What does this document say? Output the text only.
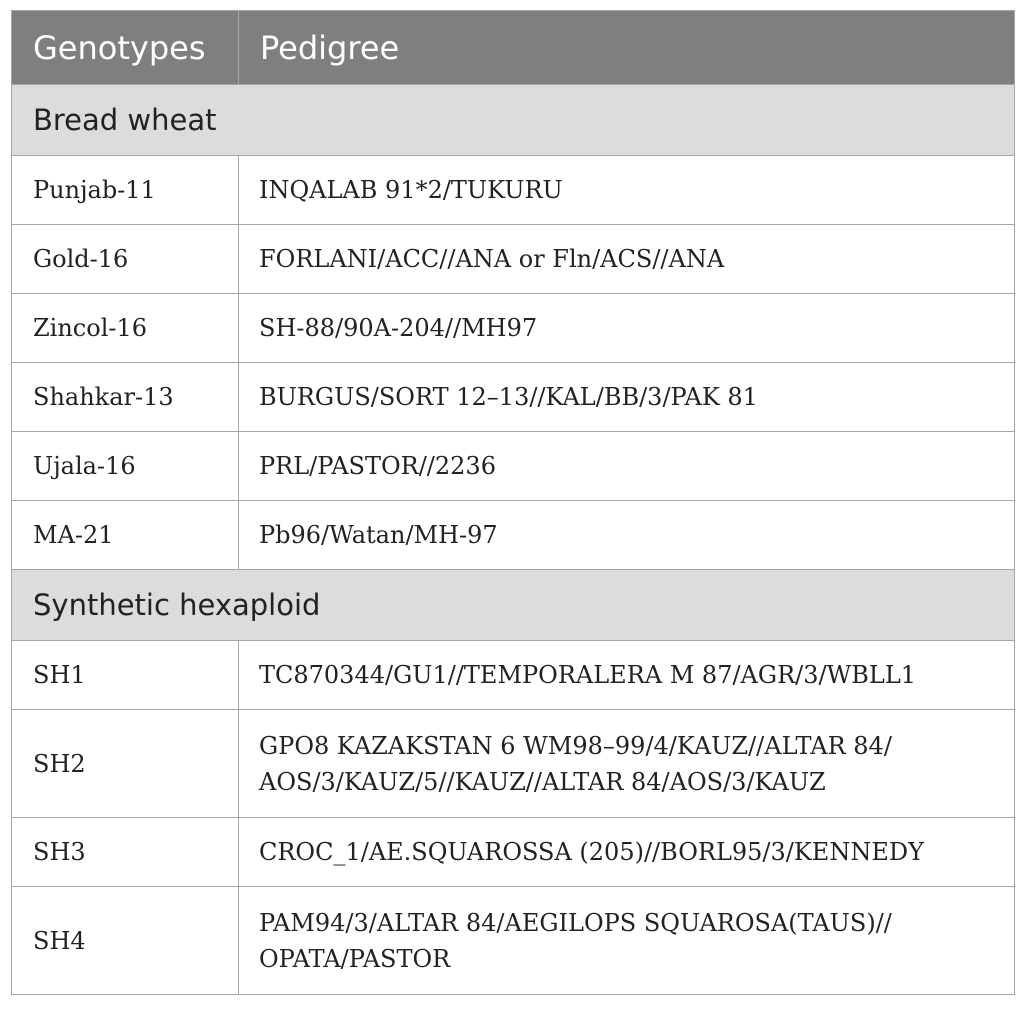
Genotypes	Pedigree
Bread wheat	
Punjab-11	INQALAB 91*2/TUKURU
Gold-16	FORLANI/ACC//ANA or Fln/ACS//ANA
Zincol-16	SH-88/90A-204//MH97
Shahkar-13	BURGUS/SORT 12–13//KAL/BB/3/PAK 81
Ujala-16	PRL/PASTOR//2236
MA-21	Pb96/Watan/MH-97
Synthetic hexaploid	
SH1	TC870344/GU1//TEMPORALERA M 87/AGR/3/WBLL1
SH2	GPO8 KAZAKSTAN 6 WM98–99/4/KAUZ//ALTAR 84/ AOS/3/KAUZ/5//KAUZ//ALTAR 84/AOS/3/KAUZ
SH3	CROC_1/AE.SQUAROSSA (205)//BORL95/3/KENNEDY
SH4	PAM94/3/ALTAR 84/AEGILOPS SQUAROSA(TAUS)// OPATA/PASTOR
